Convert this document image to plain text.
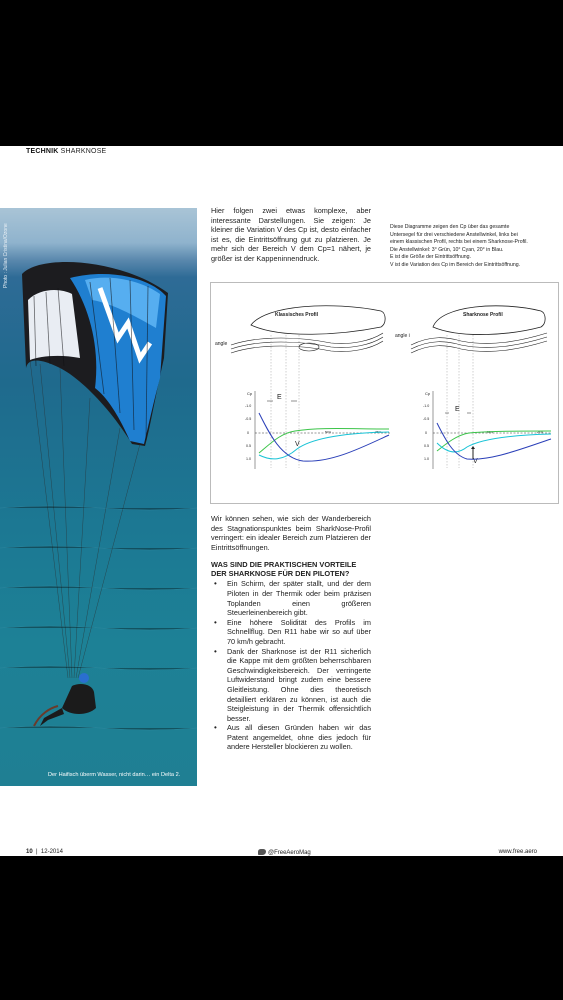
TECHNIK SHARKNOSE
Photo : Julian Cristina/Ozone
Der Haifisch überm Wasser, nicht darin… ein Delta 2.

Hier folgen zwei etwas komplexe, aber interessante Darstellungen. Sie zeigen: Je kleiner die Variation V des Cp ist, desto einfacher ist es, die Eintrittsöffnung gut zu platzieren. Je mehr sich der Bereich V dem Cp=1 nähert, je größer ist der Kappeninnendruck.

Diese Diagramme zeigen den Cp über das gesamte
Untersegel für drei verschiedene Anstellwinkel, links bei
einem klassischen Profil, rechts bei einem Sharknose-Profil.
Die Anstellwinkel: 3° Grün, 10° Cyan, 20° in Blau.
E ist die Größe der Eintrittsöffnung.
V ist die Variation des Cp im Bereich der Eintrittsöffnung.
Klassisches Profil
angle
Cp
-1.0
-0.5
0
0.5
1.0
E
50%	25%
V
Sharknose Profil
angle i
Cp
-1.0
-0.5
0
0.5
1.0
E
50%	25%
V

Wir können sehen, wie sich der Wanderbereich des Stagnationspunktes beim SharkNose-Profil verringert: ein idealer Bereich zum Platzieren der Eintrittsöffnungen.

WAS SIND DIE PRAKTISCHEN VORTEILE DER SHARKNOSE FÜR DEN PILOTEN?
• Ein Schirm, der später stallt, und der dem Piloten in der Thermik oder beim präzisen Toplanden einen größeren Steuerleinenbereich gibt.
• Eine höhere Solidität des Profils im Schnellflug. Den R11 habe wir so auf über 70 km/h gebracht.
• Dank der Sharknose ist der R11 sicherlich die Kappe mit dem größten beherrschbaren Geschwindigkeitsbereich. Der verringerte Luftwiderstand bringt zudem eine bessere Gleitleistung. Ohne dies theoretisch detailliert erklären zu können, ist auch die Steigleistung in der Thermik offensichtlich besser.
• Aus all diesen Gründen haben wir das Patent angemeldet, ohne dies jedoch für andere Hersteller blockieren zu wollen.
10  |  12-2014	@FreeAeroMag	www.free.aero
